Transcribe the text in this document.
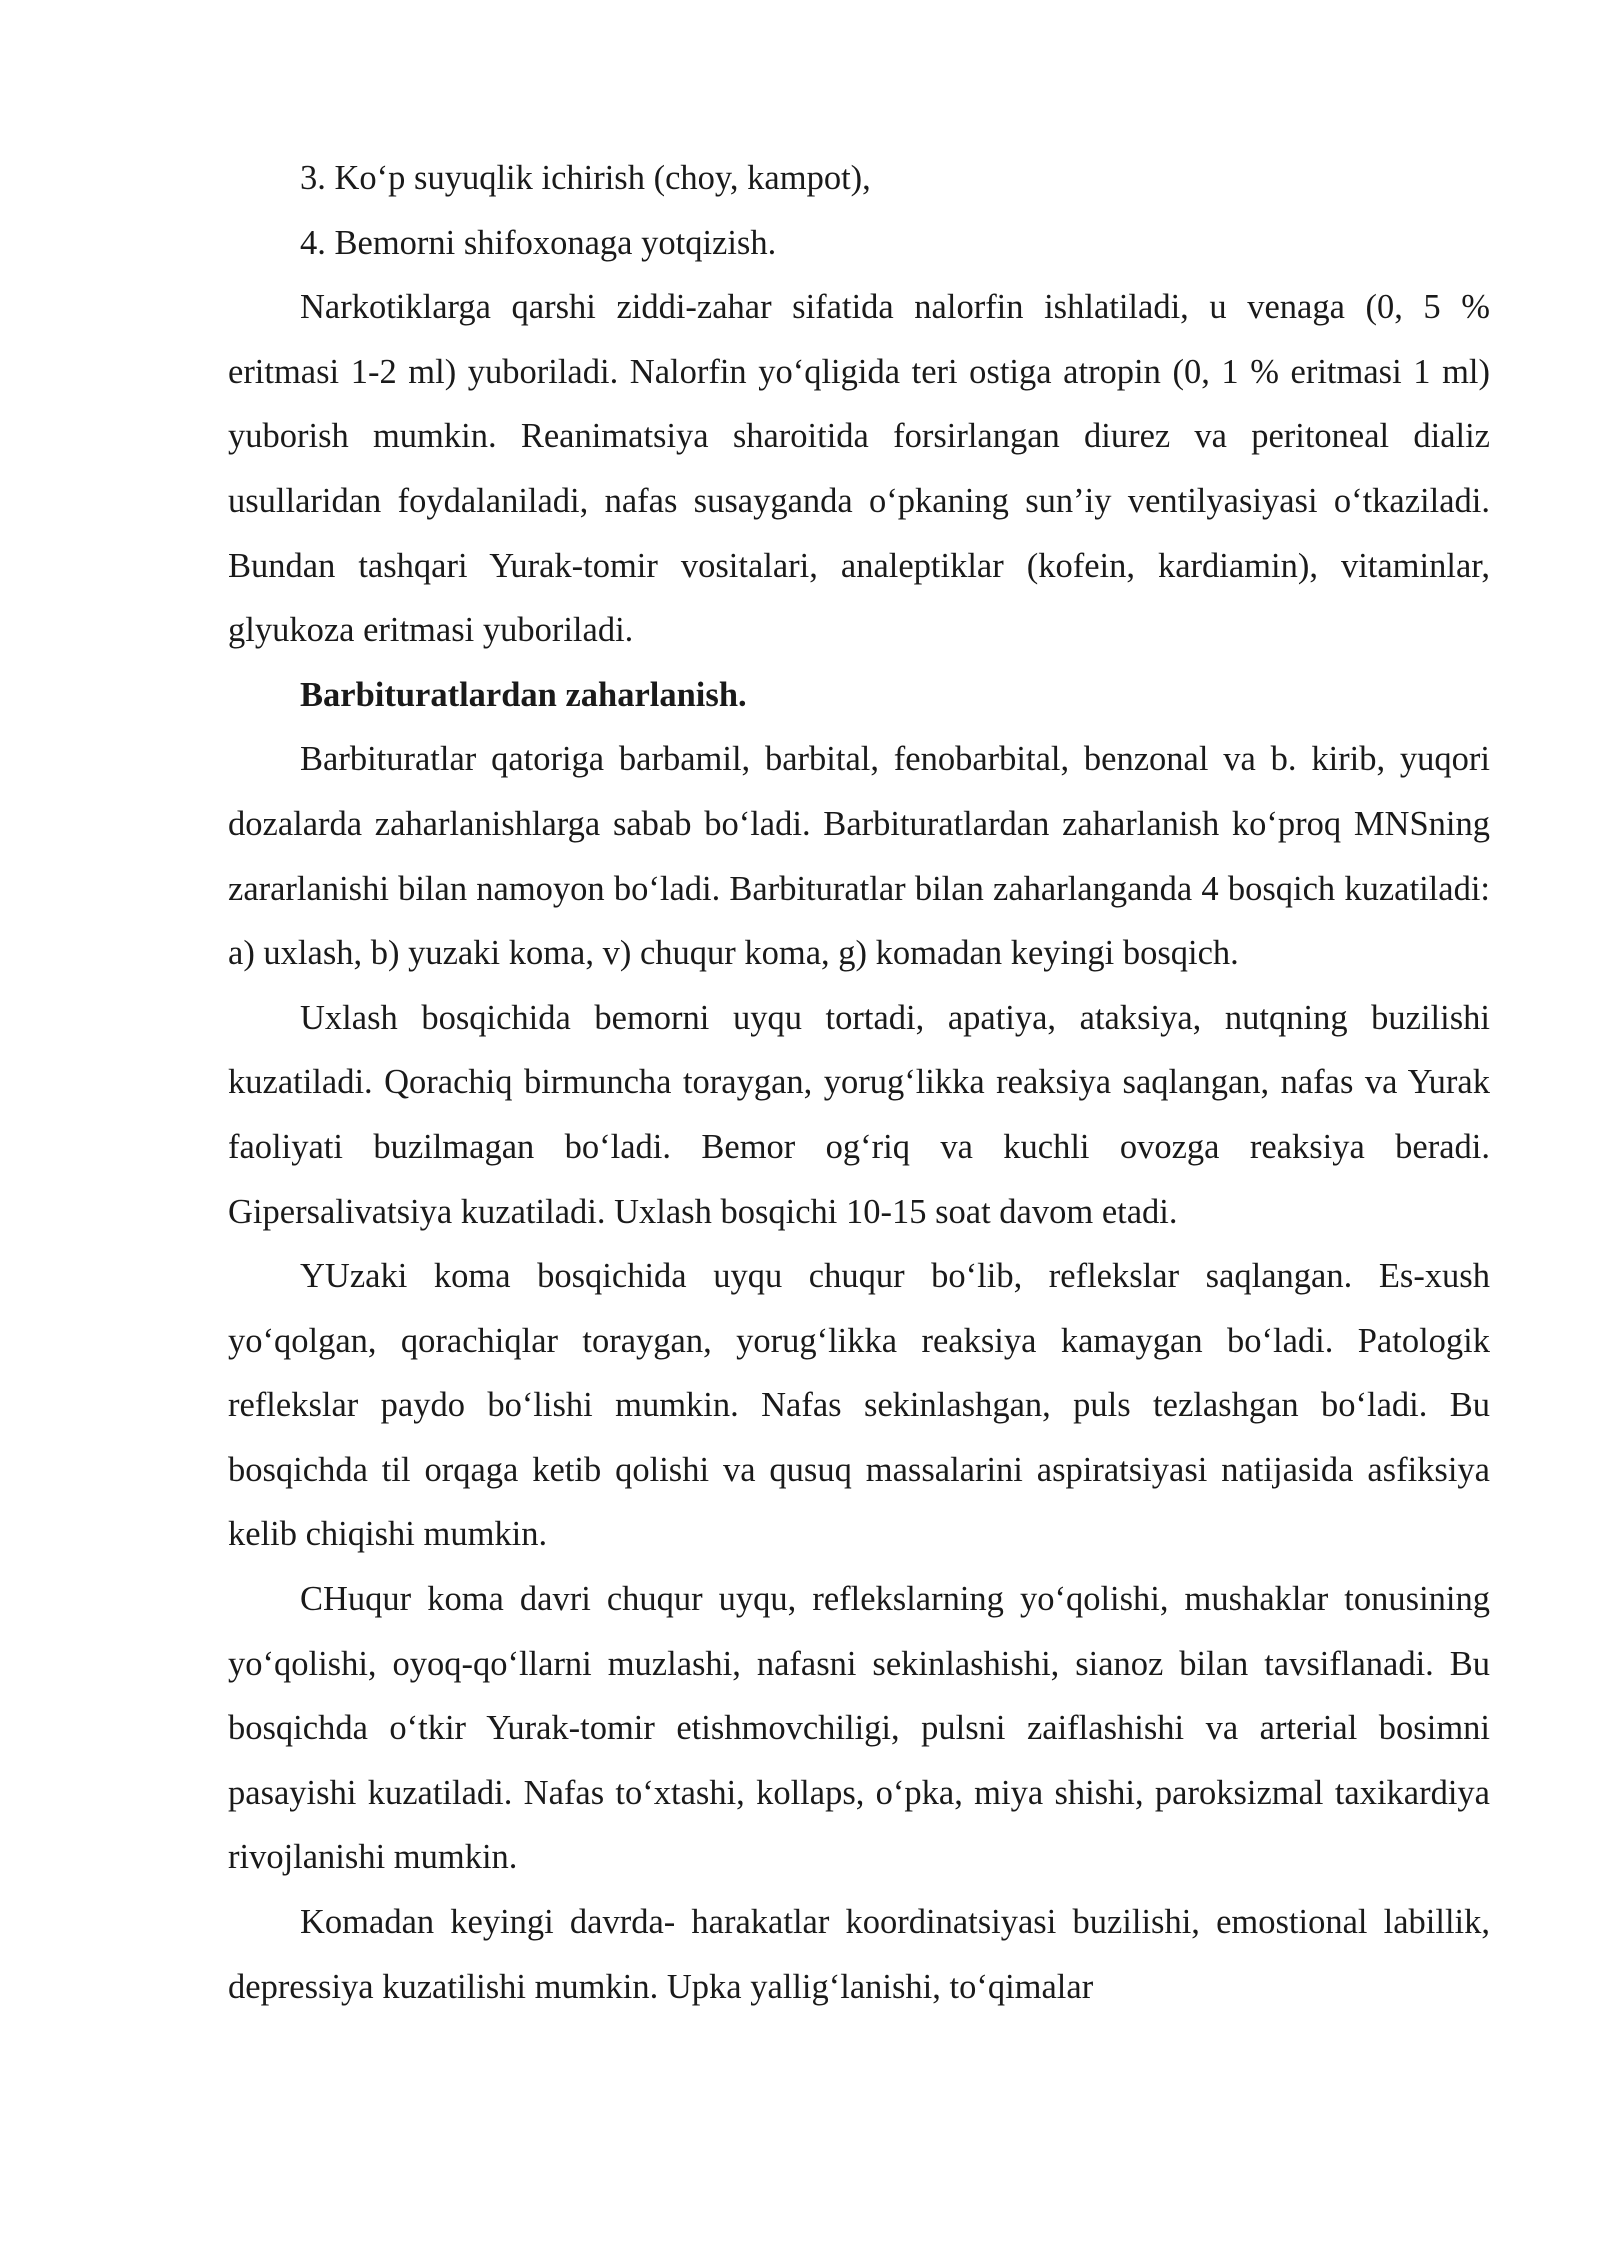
3. Ko‘p suyuqlik ichirish (choy, kampot),

4. Bemorni shifoxonaga yotqizish.

Narkotiklarga qarshi ziddi-zahar sifatida nalorfin ishlatiladi, u venaga (0, 5 % eritmasi 1-2 ml) yuboriladi. Nalorfin yo‘qligida teri ostiga atropin (0, 1 % eritmasi 1 ml) yuborish mumkin. Reanimatsiya sharoitida forsirlangan diurez va peritoneal dializ usullaridan foydalaniladi, nafas susayganda o‘pkaning sun’iy ventilyasiyasi o‘tkaziladi. Bundan tashqari Yurak-tomir vositalari, analeptiklar (kofein, kardiamin), vitaminlar, glyukoza eritmasi yuboriladi.

Barbituratlardan zaharlanish.

Barbituratlar qatoriga barbamil, barbital, fenobarbital, benzonal va b. kirib, yuqori dozalarda zaharlanishlarga sabab bo‘ladi. Barbituratlardan zaharlanish ko‘proq MNSning zararlanishi bilan namoyon bo‘ladi. Barbituratlar bilan zaharlanganda 4 bosqich kuzatiladi: a) uxlash, b) yuzaki koma, v) chuqur koma, g) komadan keyingi bosqich.

Uxlash bosqichida bemorni uyqu tortadi, apatiya, ataksiya, nutqning buzilishi kuzatiladi. Qorachiq birmuncha toraygan, yorug‘likka reaksiya saqlangan, nafas va Yurak faoliyati buzilmagan bo‘ladi. Bemor og‘riq va kuchli ovozga reaksiya beradi. Gipersalivatsiya kuzatiladi. Uxlash bosqichi 10-15 soat davom etadi.

YUzaki koma bosqichida uyqu chuqur bo‘lib, reflekslar saqlangan. Es-xush yo‘qolgan, qorachiqlar toraygan, yorug‘likka reaksiya kamaygan bo‘ladi. Patologik reflekslar paydo bo‘lishi mumkin. Nafas sekinlashgan, puls tezlashgan bo‘ladi. Bu bosqichda til orqaga ketib qolishi va qusuq massalarini aspiratsiyasi natijasida asfiksiya kelib chiqishi mumkin.

CHuqur koma davri chuqur uyqu, reflekslarning yo‘qolishi, mushaklar tonusining yo‘qolishi, oyoq-qo‘llarni muzlashi, nafasni sekinlashishi, sianoz bilan tavsiflanadi. Bu bosqichda o‘tkir Yurak-tomir etishmovchiligi, pulsni zaiflashishi va arterial bosimni pasayishi kuzatiladi. Nafas to‘xtashi, kollaps, o‘pka, miya shishi, paroksizmal taxikardiya rivojlanishi mumkin.

Komadan keyingi davrda- harakatlar koordinatsiyasi buzilishi, emostional labillik, depressiya kuzatilishi mumkin. Upka yallig‘lanishi, to‘qimalar
